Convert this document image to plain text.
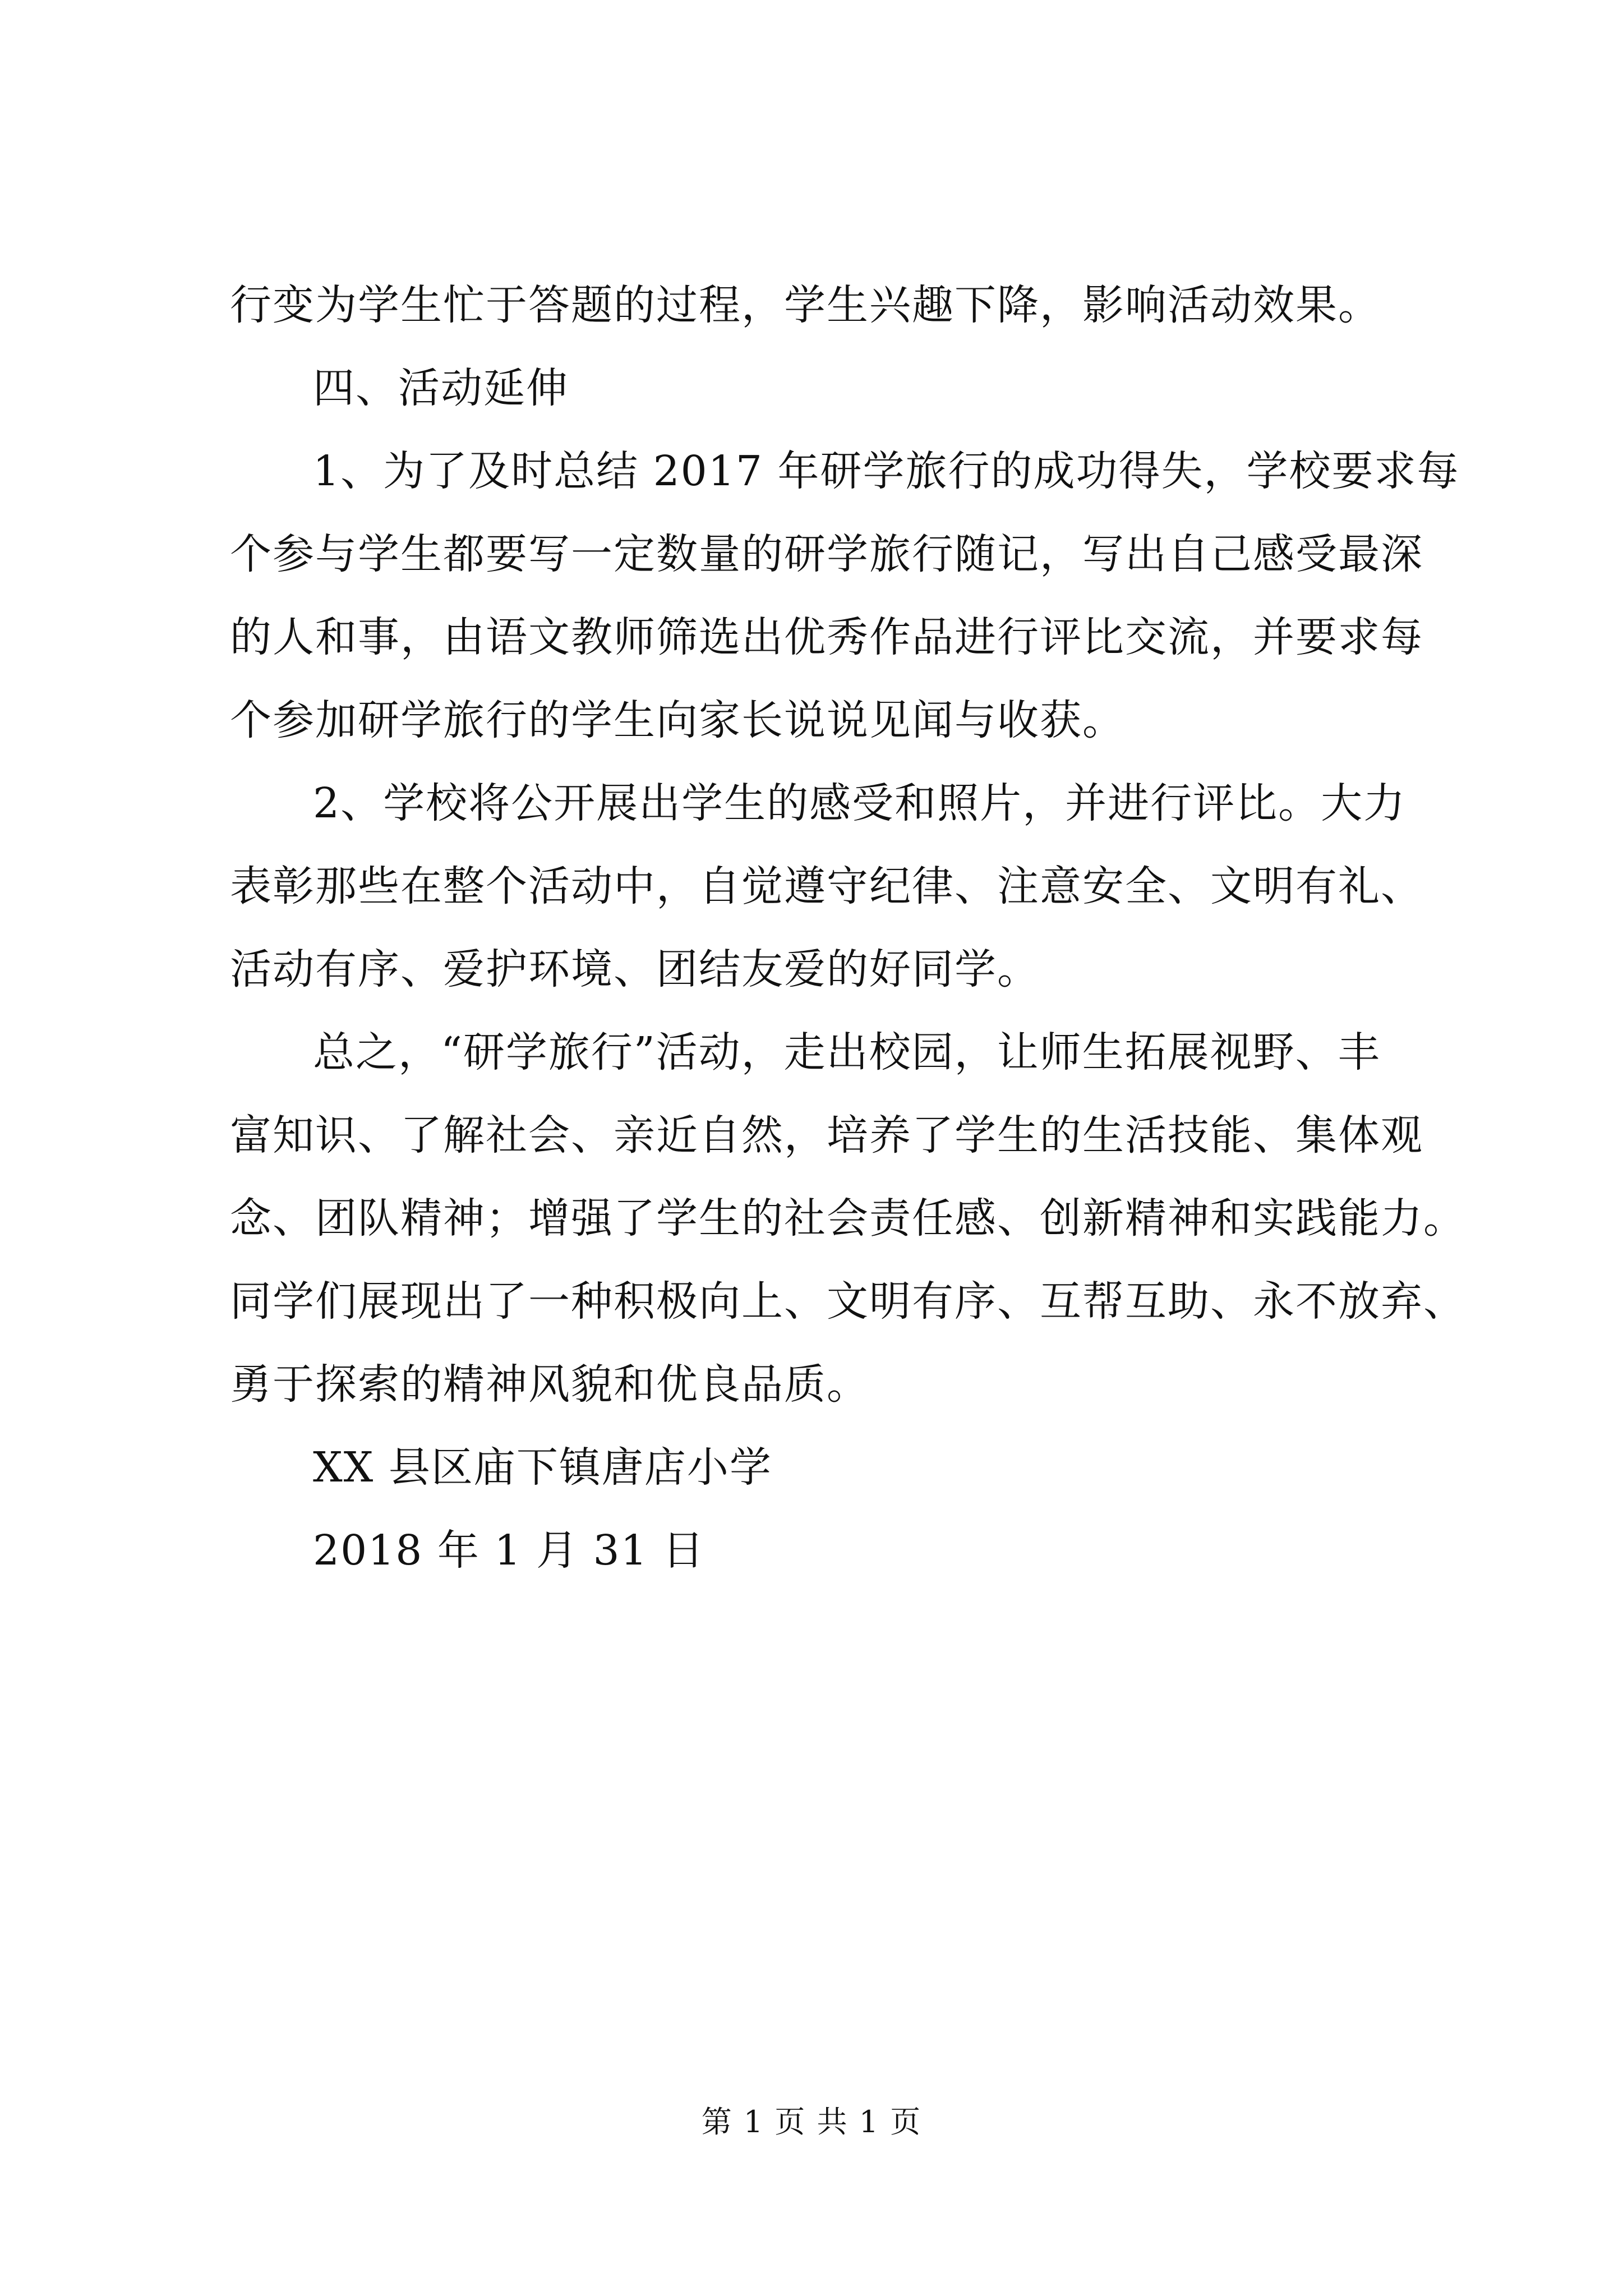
行变为学生忙于答题的过程，学生兴趣下降，影响活动效果。
四、活动延伸
1、为了及时总结 2017 年研学旅行的成功得失，学校要求每
个参与学生都要写一定数量的研学旅行随记，写出自己感受最深
的人和事，由语文教师筛选出优秀作品进行评比交流，并要求每
个参加研学旅行的学生向家长说说见闻与收获。
2、学校将公开展出学生的感受和照片，并进行评比。大力
表彰那些在整个活动中，自觉遵守纪律、注意安全、文明有礼、
活动有序、爱护环境、团结友爱的好同学。
总之，“研学旅行”活动，走出校园，让师生拓展视野、丰
富知识、了解社会、亲近自然，培养了学生的生活技能、集体观
念、团队精神；增强了学生的社会责任感、创新精神和实践能力。
同学们展现出了一种积极向上、文明有序、互帮互助、永不放弃、
勇于探索的精神风貌和优良品质。
XX 县区庙下镇唐店小学
2018 年 1 月 31 日
第 1 页 共 1 页
